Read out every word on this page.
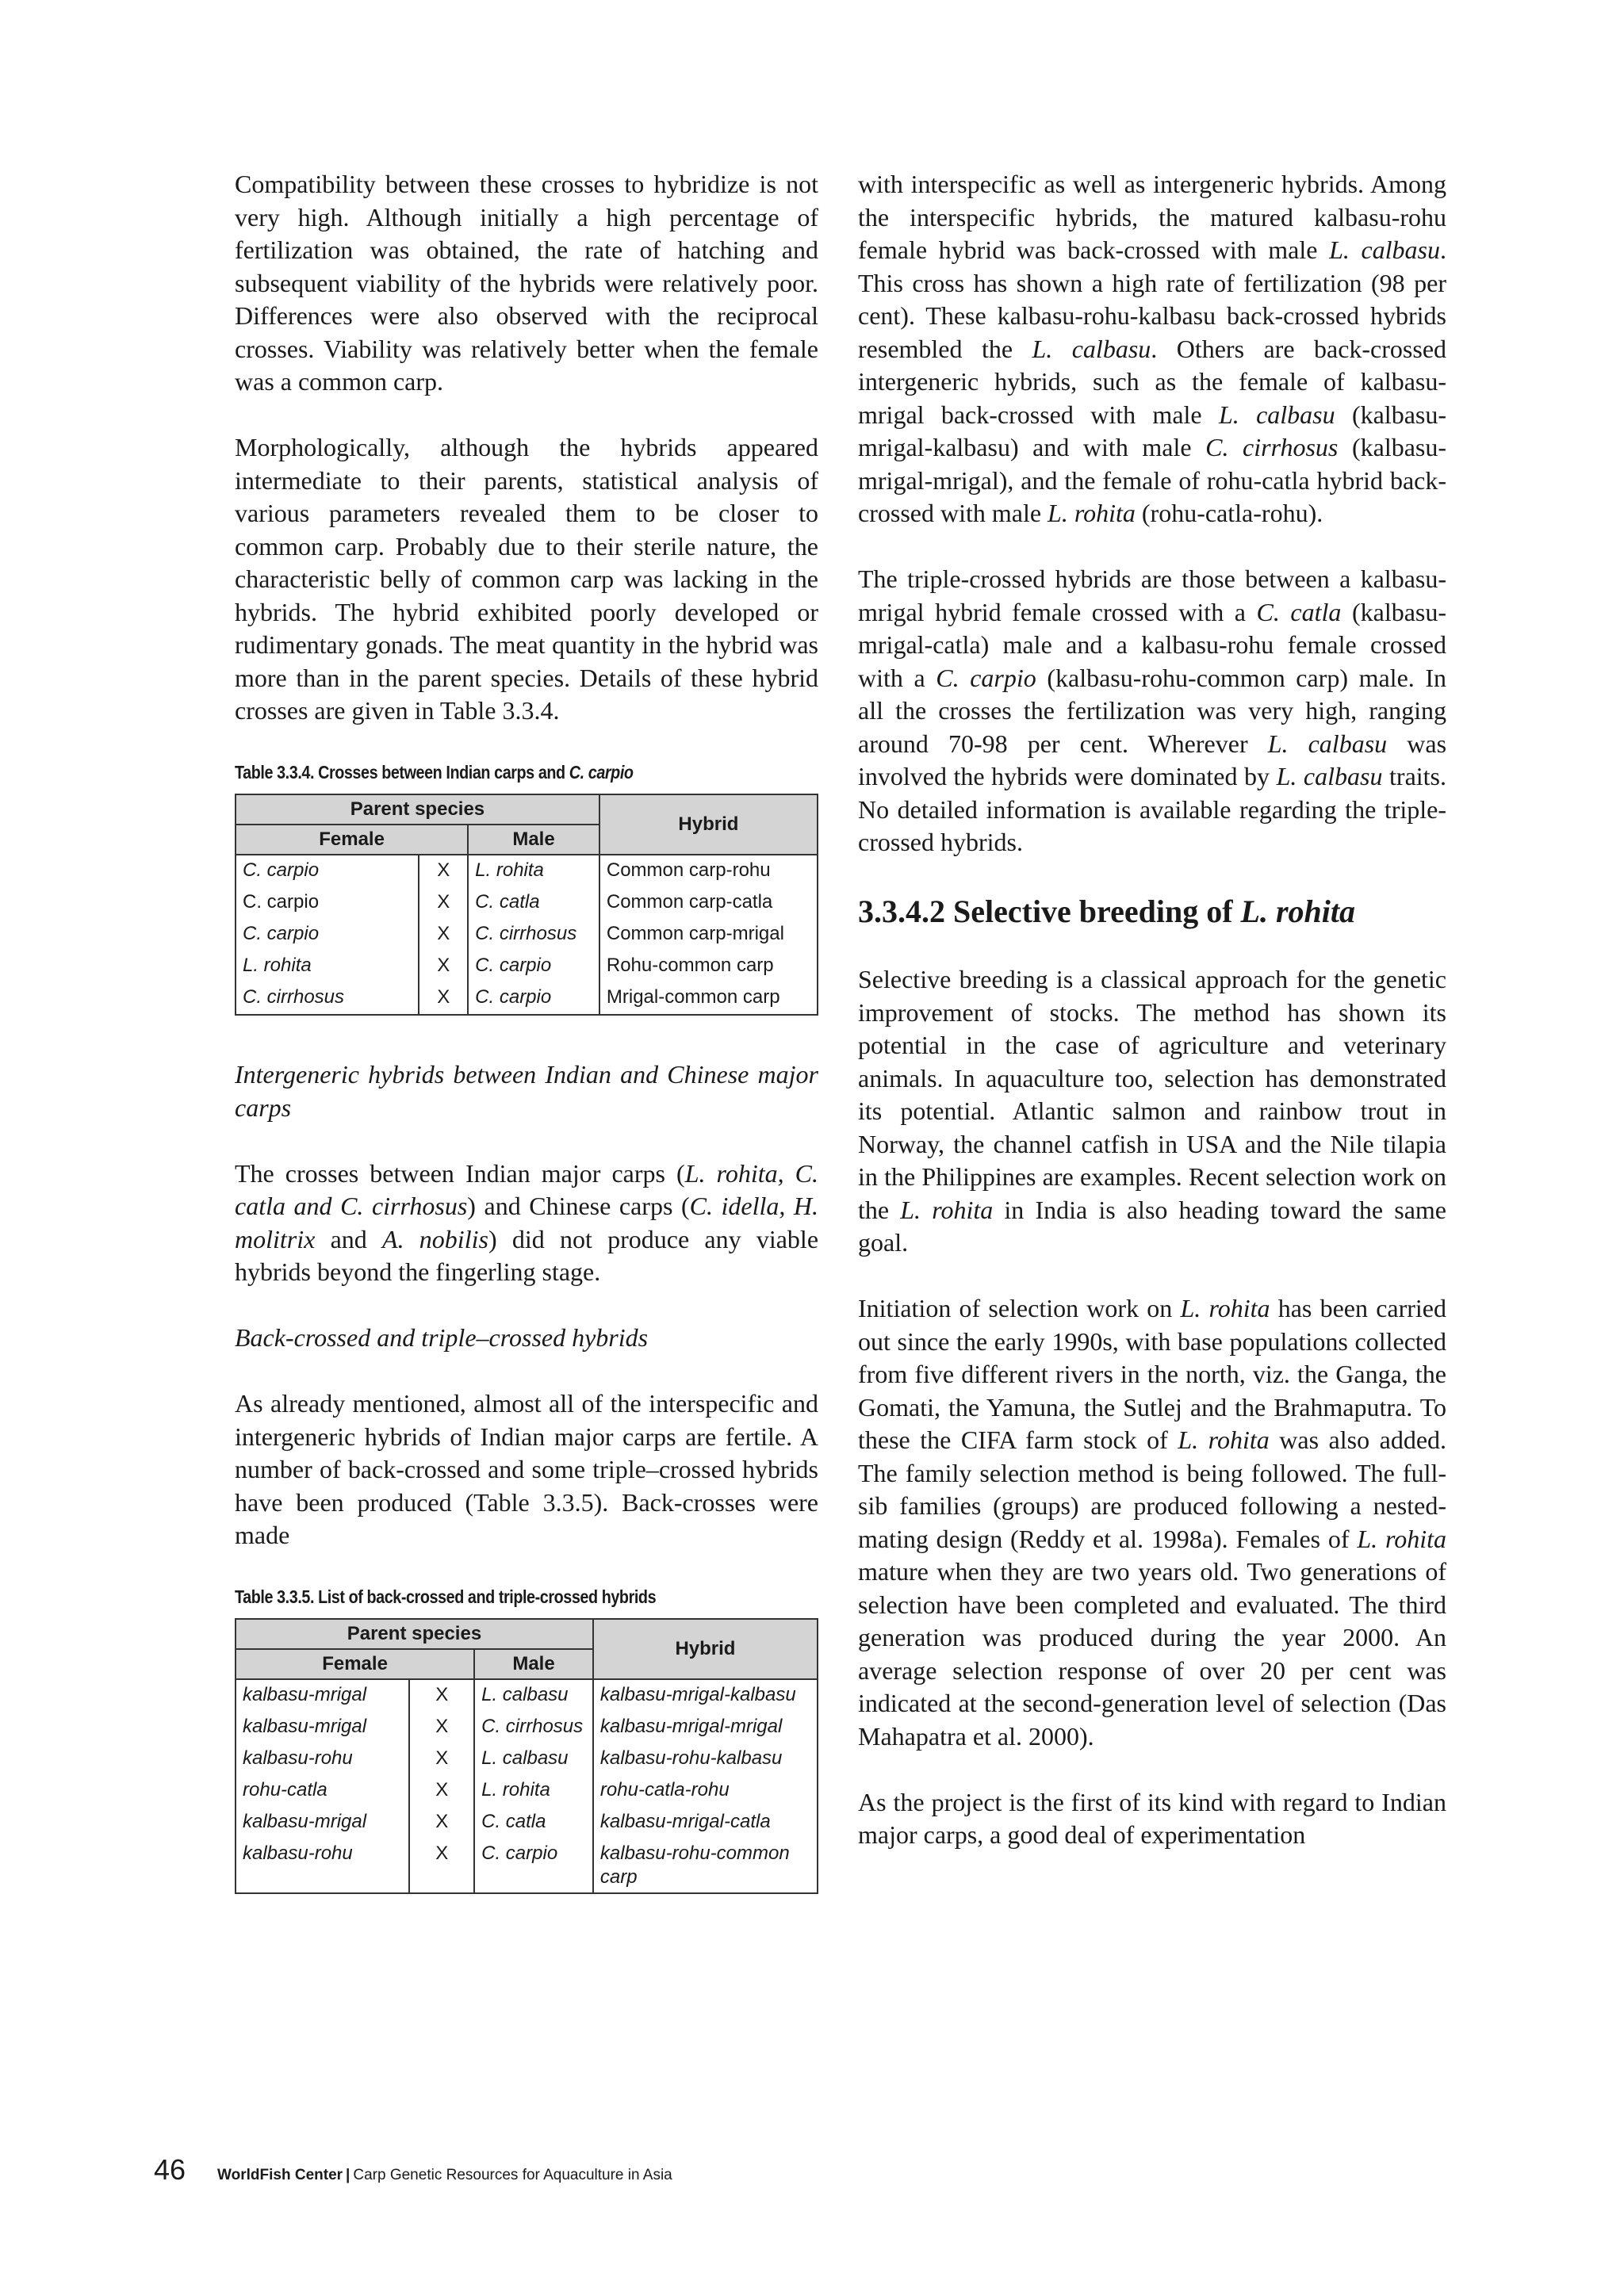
Compatibility between these crosses to hybridize is not very high. Although initially a high percentage of fertilization was obtained, the rate of hatching and subsequent viability of the hybrids were relatively poor. Differences were also observed with the reciprocal crosses. Viability was relatively better when the female was a common carp.

Morphologically, although the hybrids appeared intermediate to their parents, statistical analysis of various parameters revealed them to be closer to common carp. Probably due to their sterile nature, the characteristic belly of common carp was lacking in the hybrids. The hybrid exhibited poorly developed or rudimentary gonads. The meat quantity in the hybrid was more than in the parent species. Details of these hybrid crosses are given in Table 3.3.4.

Table 3.3.4. Crosses between Indian carps and C. carpio
Parent species			Hybrid
Female		Male	
C. carpio	X	L. rohita	Common carp-rohu
C. carpio	X	C. catla	Common carp-catla
C. carpio	X	C. cirrhosus	Common carp-mrigal
L. rohita	X	C. carpio	Rohu-common carp
C. cirrhosus	X	C. carpio	Mrigal-common carp
Intergeneric hybrids between Indian and Chinese major carps

The crosses between Indian major carps (L. rohita, C. catla and C. cirrhosus) and Chinese carps (C. idella, H. molitrix and A. nobilis) did not produce any viable hybrids beyond the fingerling stage.

Back-crossed and triple–crossed hybrids

As already mentioned, almost all of the interspecific and intergeneric hybrids of Indian major carps are fertile. A number of back-crossed and some triple–crossed hybrids have been produced (Table 3.3.5). Back-crosses were made

Table 3.3.5. List of back-crossed and triple-crossed hybrids
Parent species			Hybrid
Female		Male	
kalbasu-mrigal	X	L. calbasu	kalbasu-mrigal-kalbasu
kalbasu-mrigal	X	C. cirrhosus	kalbasu-mrigal-mrigal
kalbasu-rohu	X	L. calbasu	kalbasu-rohu-kalbasu
rohu-catla	X	L. rohita	rohu-catla-rohu
kalbasu-mrigal	X	C. catla	kalbasu-mrigal-catla
kalbasu-rohu	X	C. carpio	kalbasu-rohu-common carp

with interspecific as well as intergeneric hybrids. Among the interspecific hybrids, the matured kalbasu-rohu female hybrid was back-crossed with male L. calbasu. This cross has shown a high rate of fertilization (98 per cent). These kalbasu-rohu-kalbasu back-crossed hybrids resembled the L. calbasu. Others are back-crossed intergeneric hybrids, such as the female of kalbasu-mrigal back-crossed with male L. calbasu (kalbasu-mrigal-kalbasu) and with male C. cirrhosus (kalbasu-mrigal-mrigal), and the female of rohu-catla hybrid back-crossed with male L. rohita (rohu-catla-rohu).

The triple-crossed hybrids are those between a kalbasu-mrigal hybrid female crossed with a C. catla (kalbasu-mrigal-catla) male and a kalbasu-rohu female crossed with a C. carpio (kalbasu-rohu-common carp) male. In all the crosses the fertilization was very high, ranging around 70-98 per cent. Wherever L. calbasu was involved the hybrids were dominated by L. calbasu traits. No detailed information is available regarding the triple-crossed hybrids.

3.3.4.2 Selective breeding of L. rohita

Selective breeding is a classical approach for the genetic improvement of stocks. The method has shown its potential in the case of agriculture and veterinary animals. In aquaculture too, selection has demonstrated its potential. Atlantic salmon and rainbow trout in Norway, the channel catfish in USA and the Nile tilapia in the Philippines are examples. Recent selection work on the L. rohita in India is also heading toward the same goal.

Initiation of selection work on L. rohita has been carried out since the early 1990s, with base populations collected from five different rivers in the north, viz. the Ganga, the Gomati, the Yamuna, the Sutlej and the Brahmaputra. To these the CIFA farm stock of L. rohita was also added. The family selection method is being followed. The full-sib families (groups) are produced following a nested-mating design (Reddy et al. 1998a). Females of L. rohita mature when they are two years old. Two generations of selection have been completed and evaluated. The third generation was produced during the year 2000. An average selection response of over 20 per cent was indicated at the second-generation level of selection (Das Mahapatra et al. 2000).

As the project is the first of its kind with regard to Indian major carps, a good deal of experimentation

46 WorldFish Center | Carp Genetic Resources for Aquaculture in Asia
